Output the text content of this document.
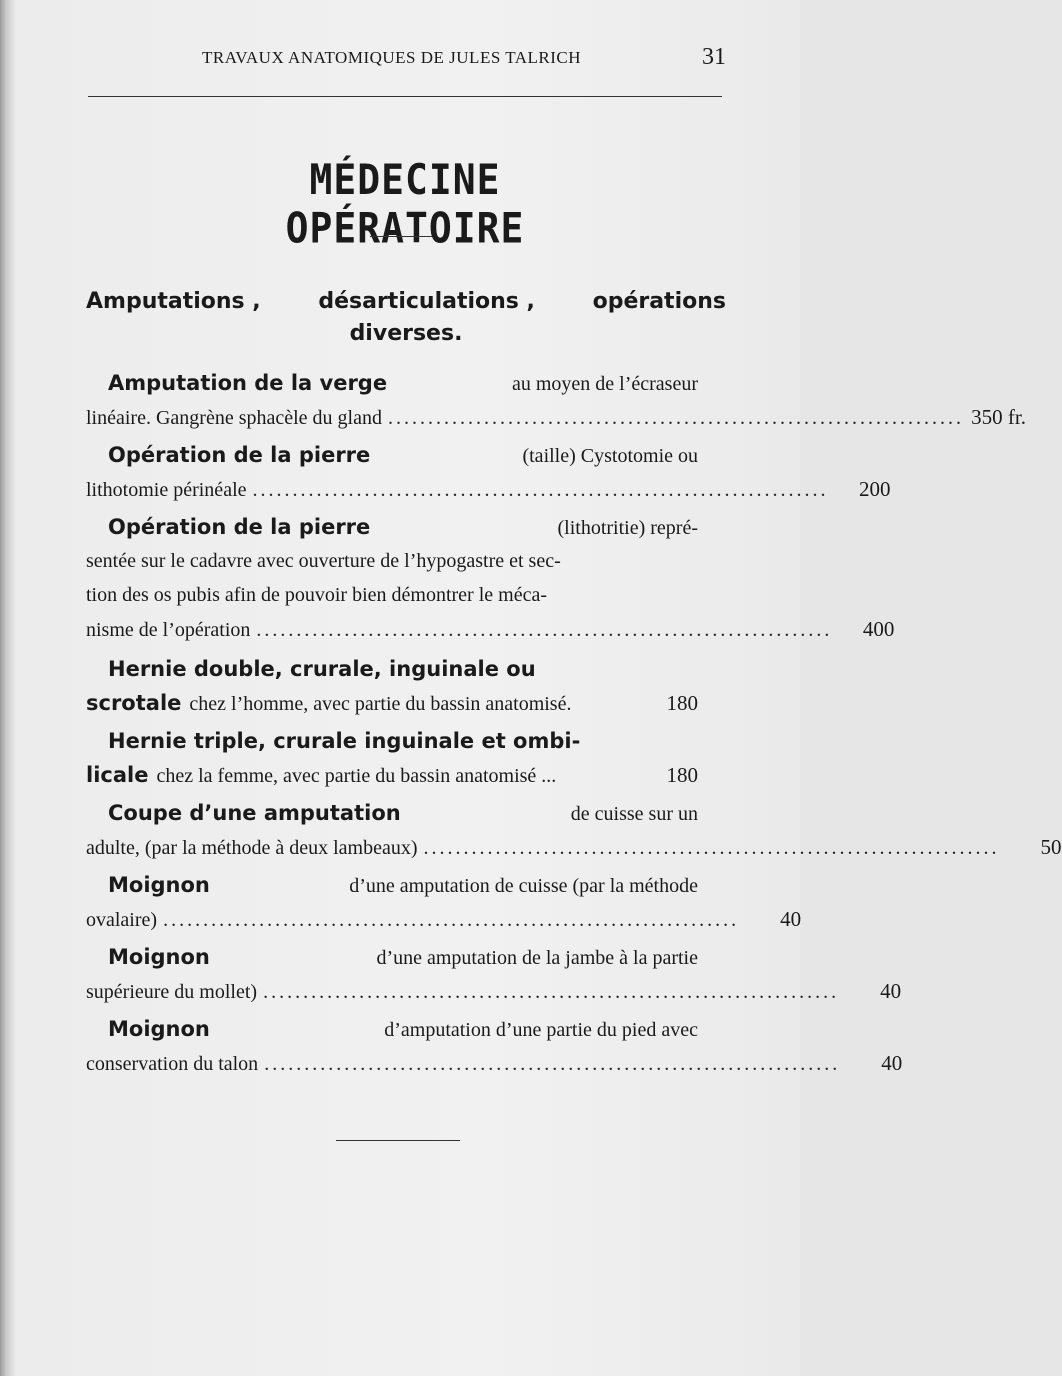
TRAVAUX ANATOMIQUES DE JULES TALRICH	31
MÉDECINE OPÉRATOIRE
Amputations ,	désarticulations ,	opérations
diverses.
Amputation de la verge	au moyen de l’écraseur
linéaire. Gangrène sphacèle du gland ........................................................................ 350 fr.
Opération de la pierre	(taille) Cystotomie ou
lithotomie périnéale ........................................................................	200
Opération de la pierre	(lithotritie) repré-
sentée sur le cadavre avec ouverture de l’hypogastre et sec-
tion des os pubis afin de pouvoir bien démontrer le méca-
nisme de l’opération ........................................................................	400
Hernie double, crurale, inguinale ou
scrotale chez l’homme, avec partie du bassin anatomisé.	180
Hernie triple, crurale inguinale et ombi-
licale chez la femme, avec partie du bassin anatomisé ...	180
Coupe d’une amputation	de cuisse sur un
adulte, (par la méthode à deux lambeaux) ........................................................................	50
Moignon	d’une amputation de cuisse (par la méthode
ovalaire) ........................................................................	40
Moignon	d’une amputation de la jambe à la partie
supérieure du mollet) ........................................................................	40
Moignon	d’amputation d’une partie du pied avec
conservation du talon ........................................................................	40
